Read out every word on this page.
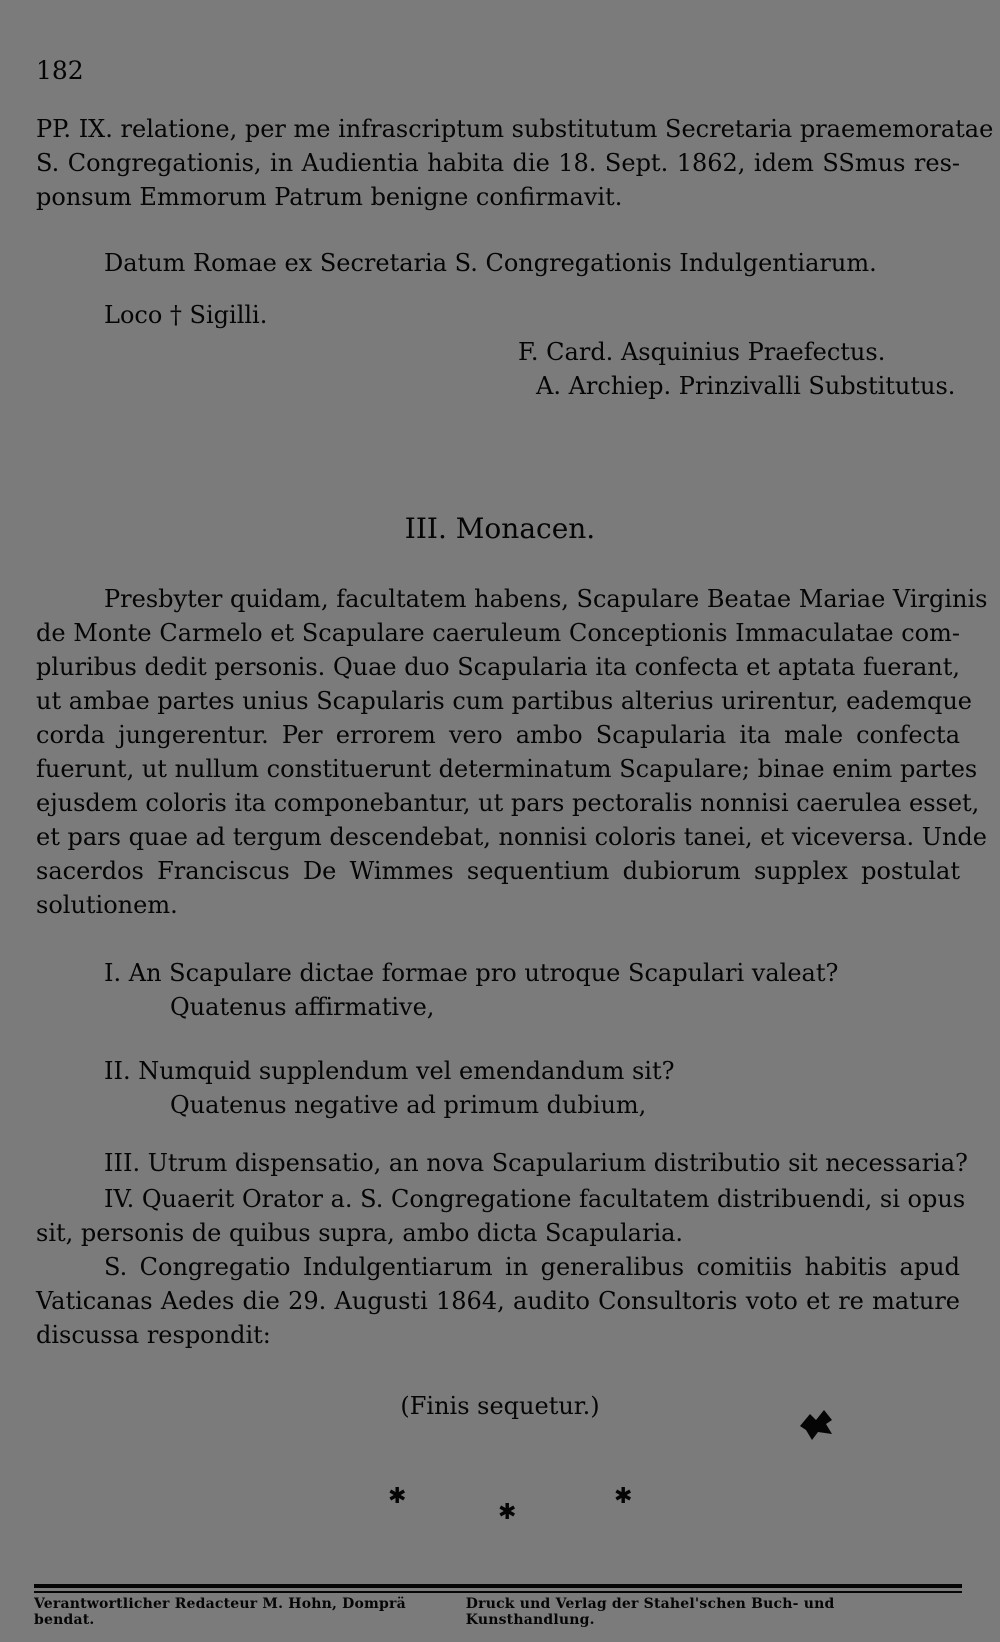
182
PP. IX. relatione, per me infrascriptum substitutum Secretaria praememoratae
S. Congregationis, in Audientia habita die 18. Sept. 1862, idem SSmus res-
ponsum Emmorum Patrum benigne confirmavit.
Datum Romae ex Secretaria S. Congregationis Indulgentiarum.
Loco † Sigilli.
F. Card. Asquinius Praefectus.
A. Archiep. Prinzivalli Substitutus.
III. Monacen.
Presbyter quidam, facultatem habens, Scapulare Beatae Mariae Virginis
de Monte Carmelo et Scapulare caeruleum Conceptionis Immaculatae com-
pluribus dedit personis. Quae duo Scapularia ita confecta et aptata fuerant,
ut ambae partes unius Scapularis cum partibus alterius urirentur, eademque
corda jungerentur. Per errorem vero ambo Scapularia ita male confecta
fuerunt, ut nullum constituerunt determinatum Scapulare; binae enim partes
ejusdem coloris ita componebantur, ut pars pectoralis nonnisi caerulea esset,
et pars quae ad tergum descendebat, nonnisi coloris tanei, et viceversa. Unde
sacerdos Franciscus De Wimmes sequentium dubiorum supplex postulat
solutionem.
I. An Scapulare dictae formae pro utroque Scapulari valeat?
Quatenus affirmative,
II. Numquid supplendum vel emendandum sit?
Quatenus negative ad primum dubium,
III. Utrum dispensatio, an nova Scapularium distributio sit necessaria?
IV. Quaerit Orator a. S. Congregatione facultatem distribuendi, si opus
sit, personis de quibus supra, ambo dicta Scapularia.
S. Congregatio Indulgentiarum in generalibus comitiis habitis apud
Vaticanas Aedes die 29. Augusti 1864, audito Consultoris voto et re mature
discussa respondit:
(Finis sequetur.)
✱
✱
✱
Verantwortlicher Redacteur M. Hohn, Domprä bendat.
Druck und Verlag der Stahel'schen Buch- und Kunsthandlung.
